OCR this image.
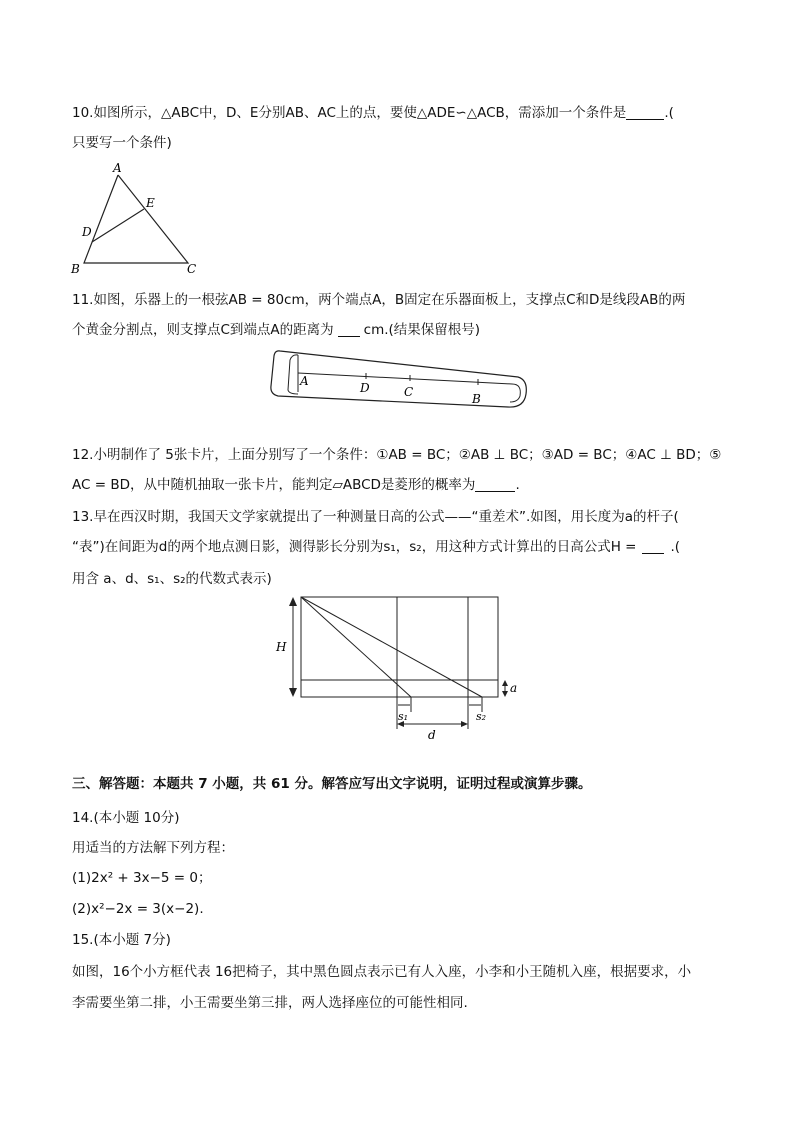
10.如图所示，△ABC中，D、E分别AB、AC上的点，要使△ADE∽△ACB，需添加一个条件是	.(
只要写一个条件)
A
E
D
B	C
11.如图，乐器上的一根弦AB = 80cm，两个端点A，B固定在乐器面板上，支撑点C和D是线段AB的两
个黄金分割点，则支撑点C到端点A的距离为 cm.(结果保留根号)
A	D	C	B
12.小明制作了 5张卡片，上面分别写了一个条件：①AB = BC；②AB ⊥ BC；③AD = BC；④AC ⊥ BD；⑤
AC = BD，从中随机抽取一张卡片，能判定▱ABCD是菱形的概率为	.
13.早在西汉时期，我国天文学家就提出了一种测量日高的公式——“重差术”.如图，用长度为a的杆子(
“表”)在间距为d的两个地点测日影，测得影长分别为s₁，s₂，用这种方式计算出的日高公式H =	.(
用含 a、d、s₁、s₂的代数式表示)
H
a
s₁	s₂
d
三、解答题：本题共 7 小题，共 61 分。解答应写出文字说明，证明过程或演算步骤。
14.(本小题 10分)
用适当的方法解下列方程：
(1)2x² + 3x−5 = 0；
(2)x²−2x = 3(x−2).
15.(本小题 7分)
如图，16个小方框代表 16把椅子，其中黑色圆点表示已有人入座，小李和小王随机入座，根据要求，小
李需要坐第二排，小王需要坐第三排，两人选择座位的可能性相同.
